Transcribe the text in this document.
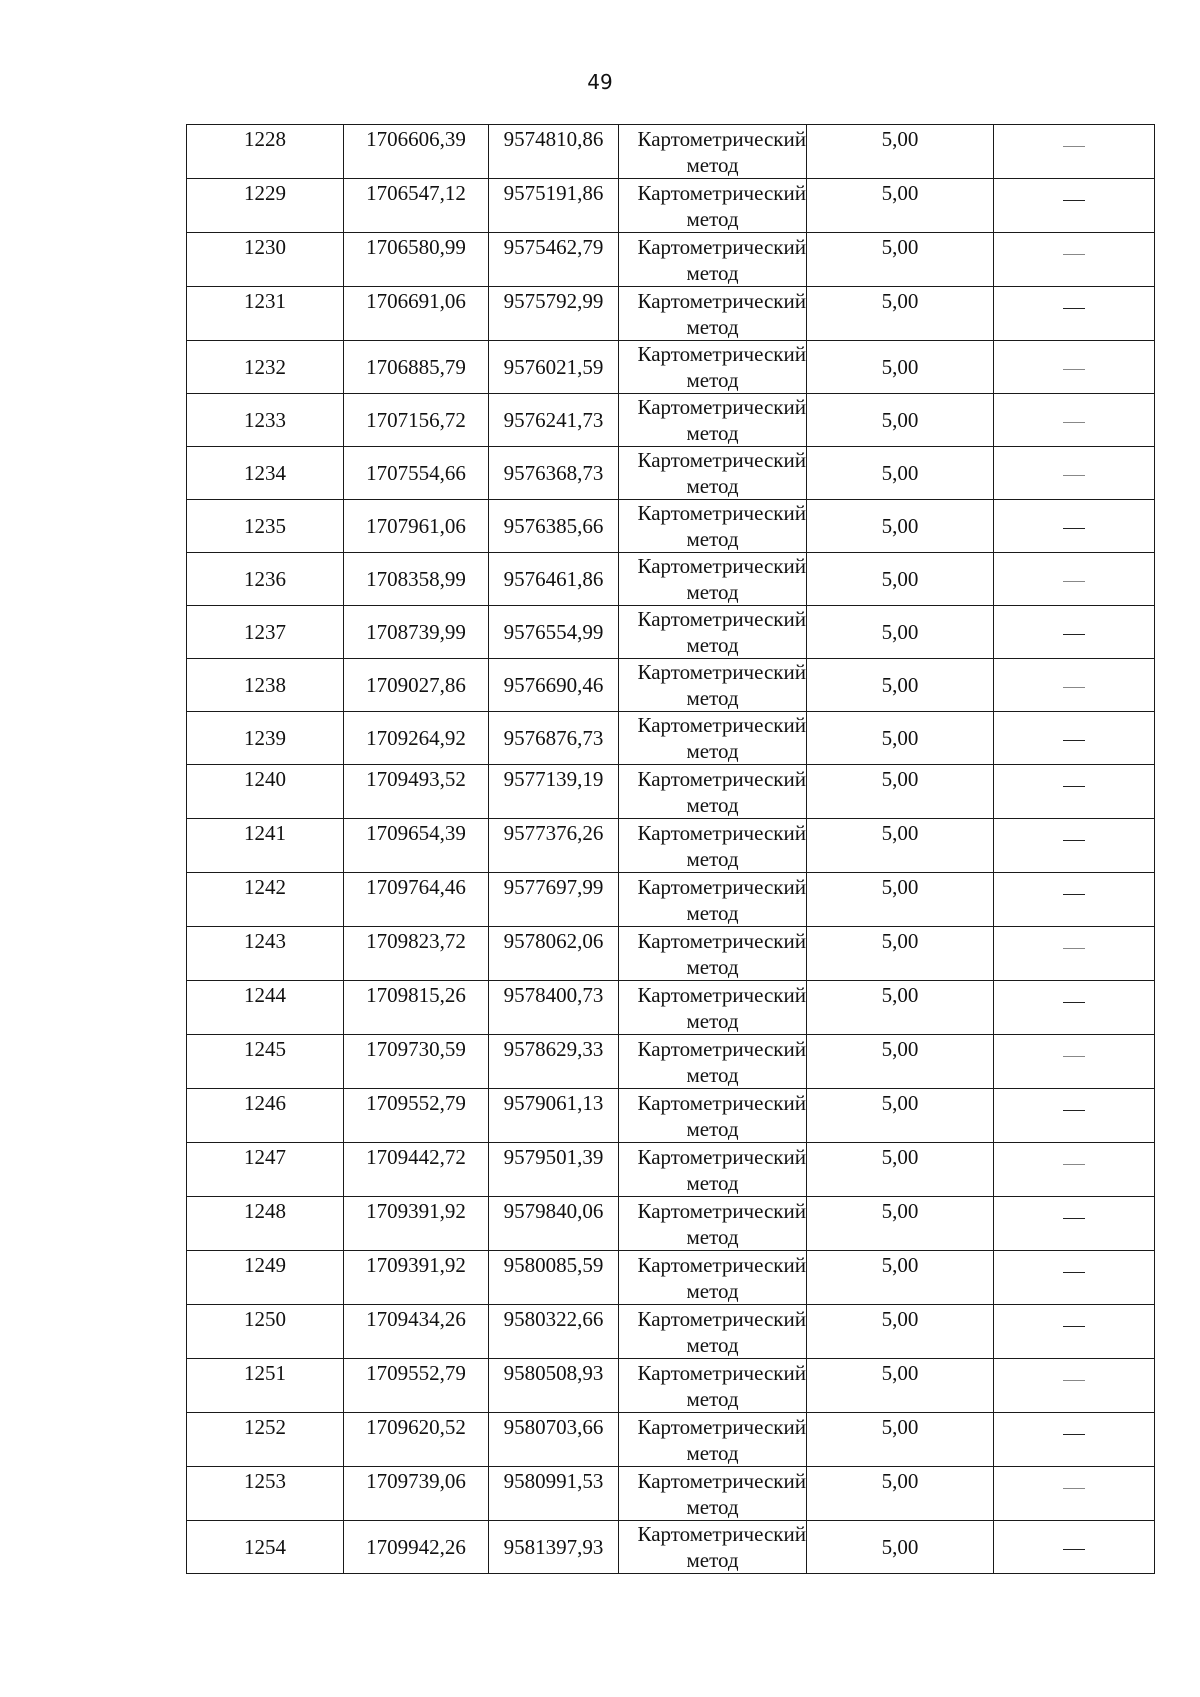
49
1228	1706606,39	9574810,86	Картометрический метод	5,00	

1229	1706547,12	9575191,86	Картометрический метод	5,00	

1230	1706580,99	9575462,79	Картометрический метод	5,00	

1231	1706691,06	9575792,99	Картометрический метод	5,00	

1232	1706885,79	9576021,59	Картометрический метод	5,00	

1233	1707156,72	9576241,73	Картометрический метод	5,00	

1234	1707554,66	9576368,73	Картометрический метод	5,00	

1235	1707961,06	9576385,66	Картометрический метод	5,00	

1236	1708358,99	9576461,86	Картометрический метод	5,00	

1237	1708739,99	9576554,99	Картометрический метод	5,00	

1238	1709027,86	9576690,46	Картометрический метод	5,00	

1239	1709264,92	9576876,73	Картометрический метод	5,00	

1240	1709493,52	9577139,19	Картометрический метод	5,00	

1241	1709654,39	9577376,26	Картометрический метод	5,00	

1242	1709764,46	9577697,99	Картометрический метод	5,00	

1243	1709823,72	9578062,06	Картометрический метод	5,00	

1244	1709815,26	9578400,73	Картометрический метод	5,00	

1245	1709730,59	9578629,33	Картометрический метод	5,00	

1246	1709552,79	9579061,13	Картометрический метод	5,00	

1247	1709442,72	9579501,39	Картометрический метод	5,00	

1248	1709391,92	9579840,06	Картометрический метод	5,00	

1249	1709391,92	9580085,59	Картометрический метод	5,00	

1250	1709434,26	9580322,66	Картометрический метод	5,00	

1251	1709552,79	9580508,93	Картометрический метод	5,00	

1252	1709620,52	9580703,66	Картометрический метод	5,00	

1253	1709739,06	9580991,53	Картометрический метод	5,00	

1254	1709942,26	9581397,93	Картометрический метод	5,00	
